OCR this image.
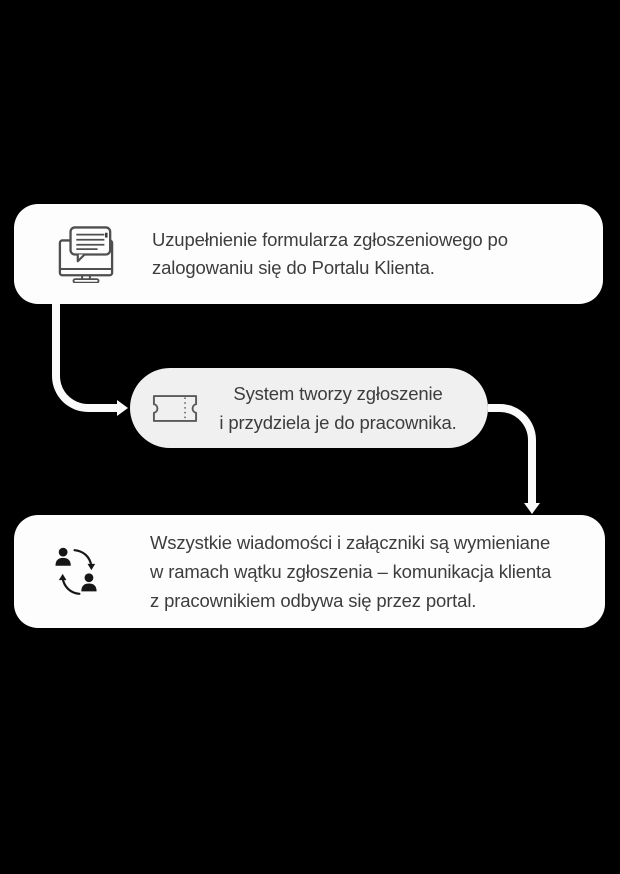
Uzupełnienie formularza zgłoszeniowego po
zalogowaniu się do Portalu Klienta.
System tworzy zgłoszenie
i przydziela je do pracownika.
Wszystkie wiadomości i załączniki są wymieniane
w ramach wątku zgłoszenia – komunikacja klienta
z pracownikiem odbywa się przez portal.
